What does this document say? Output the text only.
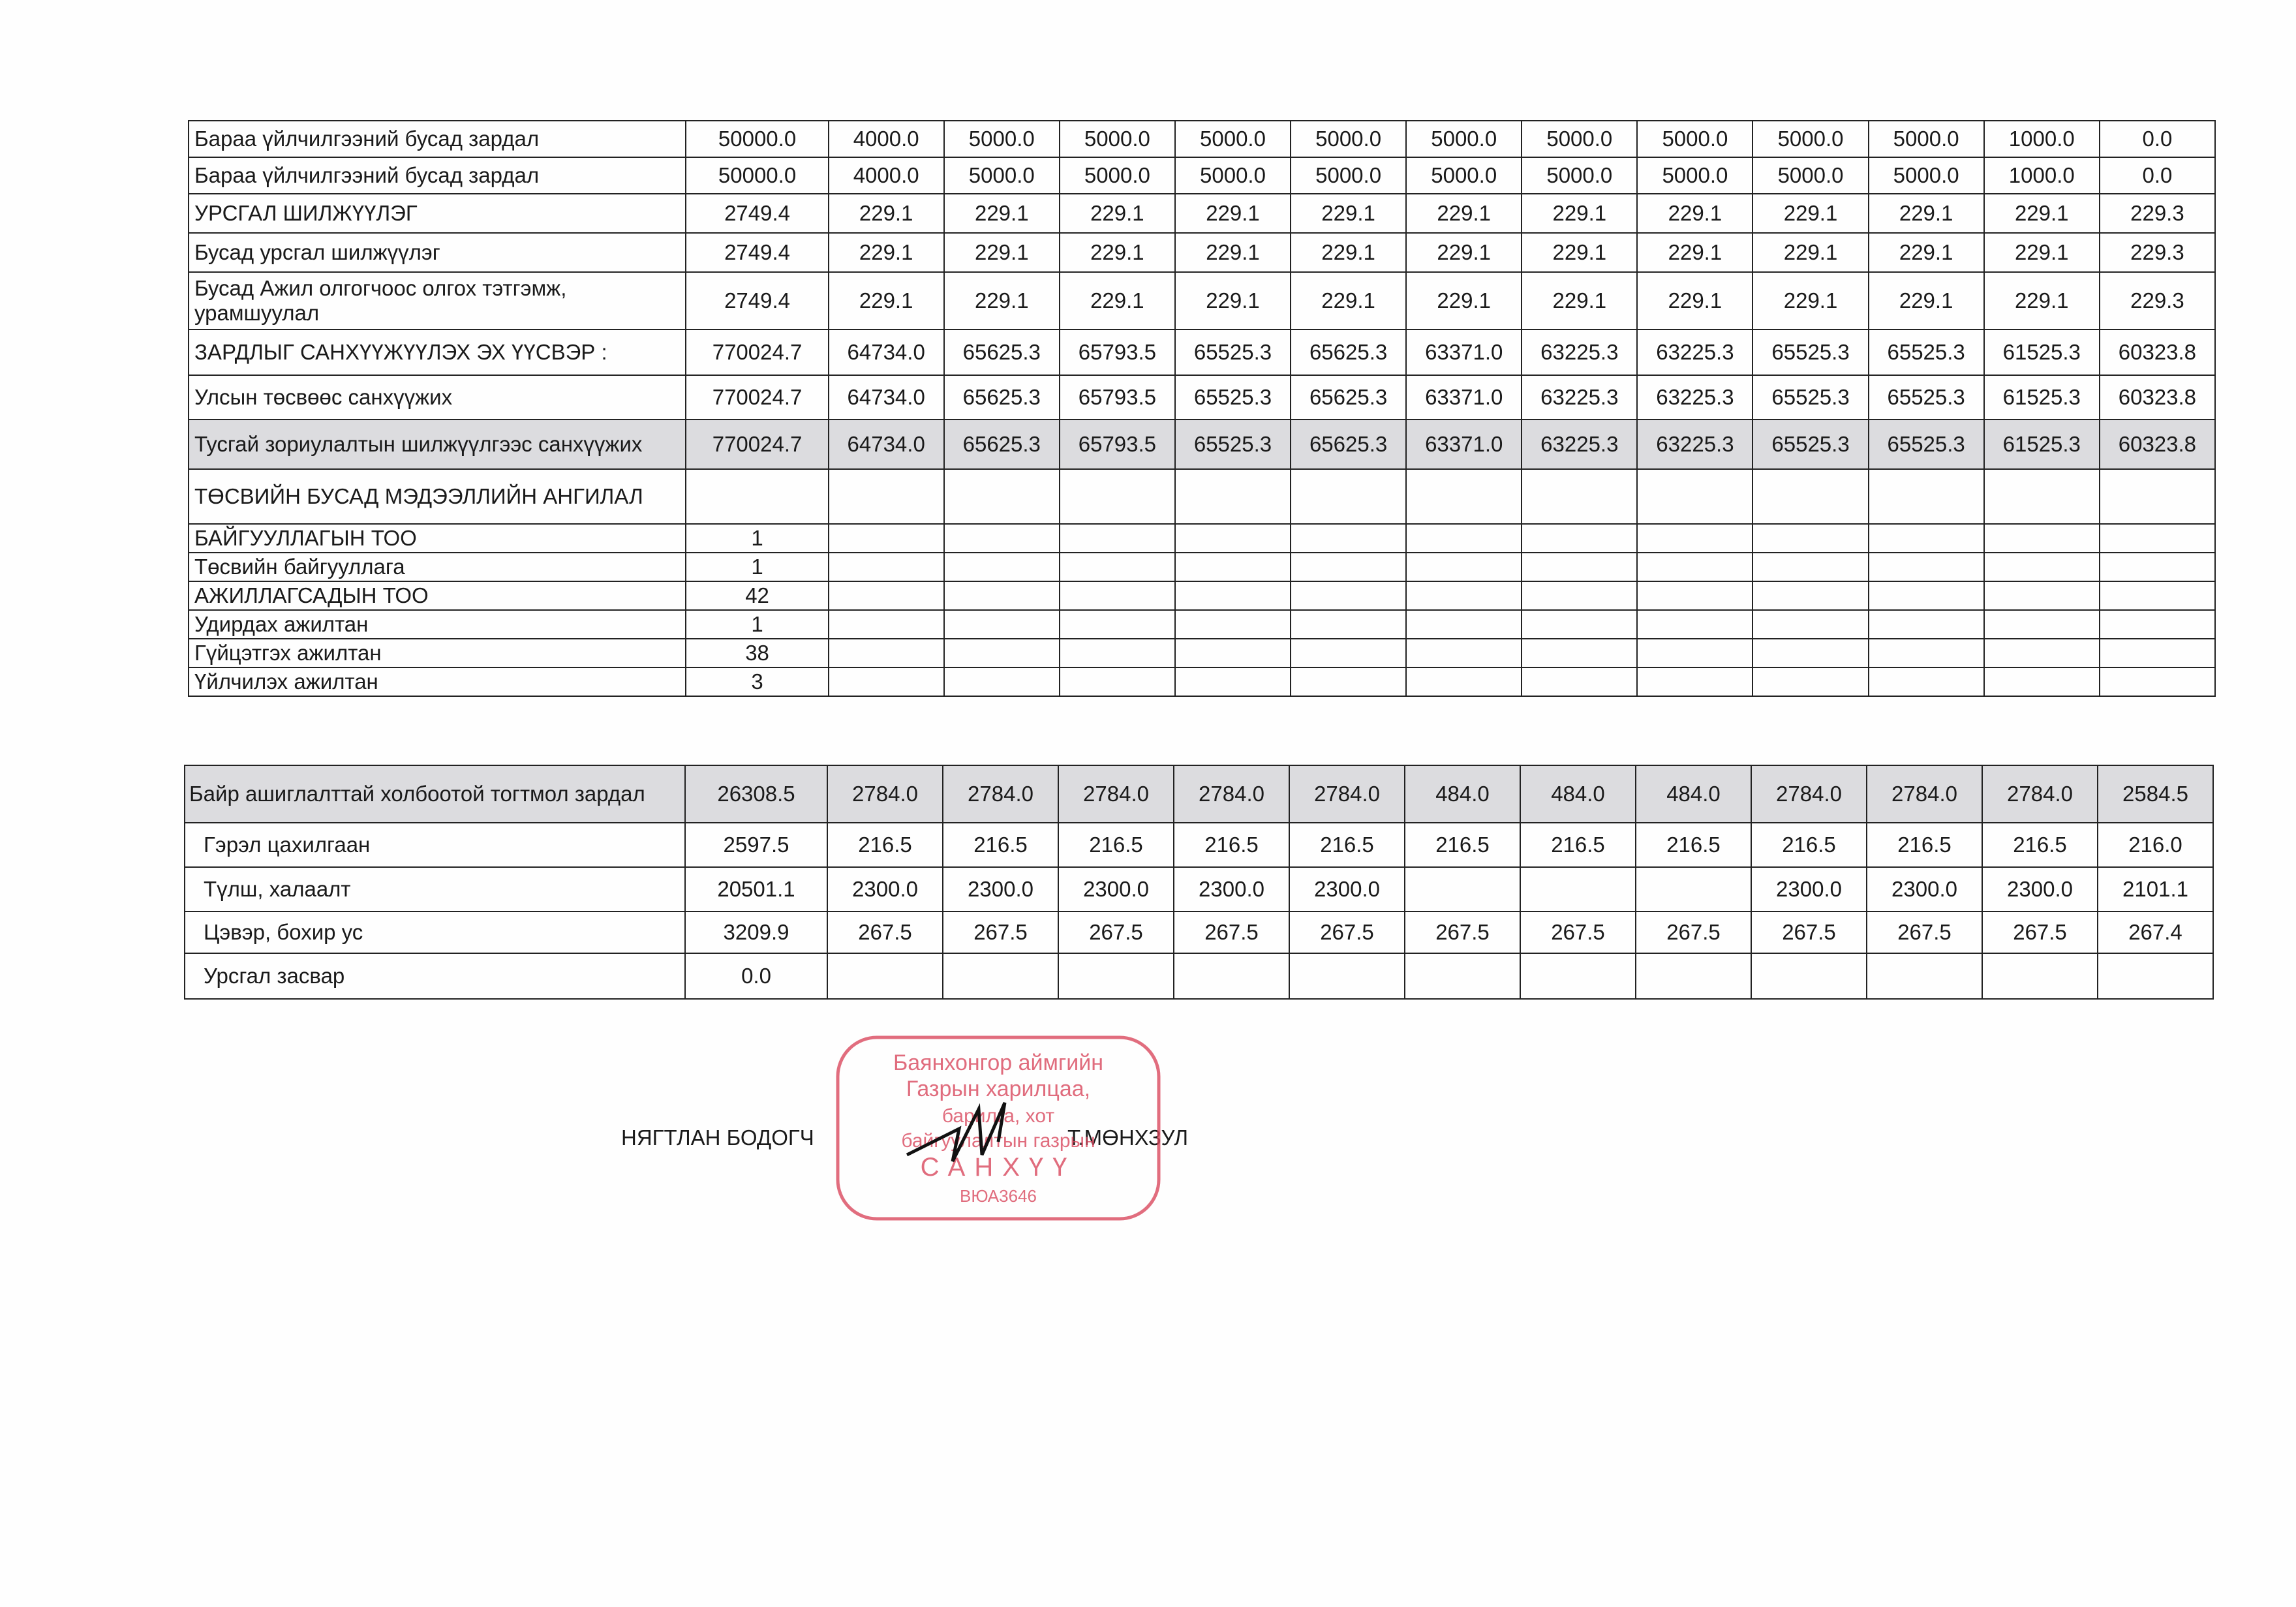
Бараа үйлчилгээний бусад зардал	50000.0	4000.0	5000.0	5000.0	5000.0	5000.0	5000.0	5000.0	5000.0	5000.0	5000.0	1000.0	0.0
Бараа үйлчилгээний бусад зардал	50000.0	4000.0	5000.0	5000.0	5000.0	5000.0	5000.0	5000.0	5000.0	5000.0	5000.0	1000.0	0.0
УРСГАЛ ШИЛЖҮҮЛЭГ	2749.4	229.1	229.1	229.1	229.1	229.1	229.1	229.1	229.1	229.1	229.1	229.1	229.3
Бусад урсгал шилжүүлэг	2749.4	229.1	229.1	229.1	229.1	229.1	229.1	229.1	229.1	229.1	229.1	229.1	229.3
Бусад Ажил олгогчоос олгох тэтгэмж, урамшуулал	2749.4	229.1	229.1	229.1	229.1	229.1	229.1	229.1	229.1	229.1	229.1	229.1	229.3
ЗАРДЛЫГ САНХҮҮЖҮҮЛЭХ ЭХ ҮҮСВЭР :	770024.7	64734.0	65625.3	65793.5	65525.3	65625.3	63371.0	63225.3	63225.3	65525.3	65525.3	61525.3	60323.8
Улсын төсвөөс санхүүжих	770024.7	64734.0	65625.3	65793.5	65525.3	65625.3	63371.0	63225.3	63225.3	65525.3	65525.3	61525.3	60323.8
Тусгай зориулалтын шилжүүлгээс санхүүжих	770024.7	64734.0	65625.3	65793.5	65525.3	65625.3	63371.0	63225.3	63225.3	65525.3	65525.3	61525.3	60323.8
ТӨСВИЙН БУСАД МЭДЭЭЛЛИЙН АНГИЛАЛ													
БАЙГУУЛЛАГЫН ТОО	1												
Төсвийн байгууллага	1												
АЖИЛЛАГСАДЫН ТОО	42												
Удирдах ажилтан	1												
Гүйцэтгэх ажилтан	38												
Үйлчилэх ажилтан	3												
Байр ашиглалттай холбоотой тогтмол зардал	26308.5	2784.0	2784.0	2784.0	2784.0	2784.0	484.0	484.0	484.0	2784.0	2784.0	2784.0	2584.5
Гэрэл цахилгаан	2597.5	216.5	216.5	216.5	216.5	216.5	216.5	216.5	216.5	216.5	216.5	216.5	216.0
Түлш, халаалт	20501.1	2300.0	2300.0	2300.0	2300.0	2300.0				2300.0	2300.0	2300.0	2101.1
Цэвэр, бохир ус	3209.9	267.5	267.5	267.5	267.5	267.5	267.5	267.5	267.5	267.5	267.5	267.5	267.4
Урсгал засвар	0.0												
НЯГТЛАН БОДОГЧ	Т.МӨНХЗУЛ
Баянхонгор аймгийн
Газрын харилцаа,
барилга, хот
байгуулалтын газрын
САНХҮҮ
ВЮА3646
